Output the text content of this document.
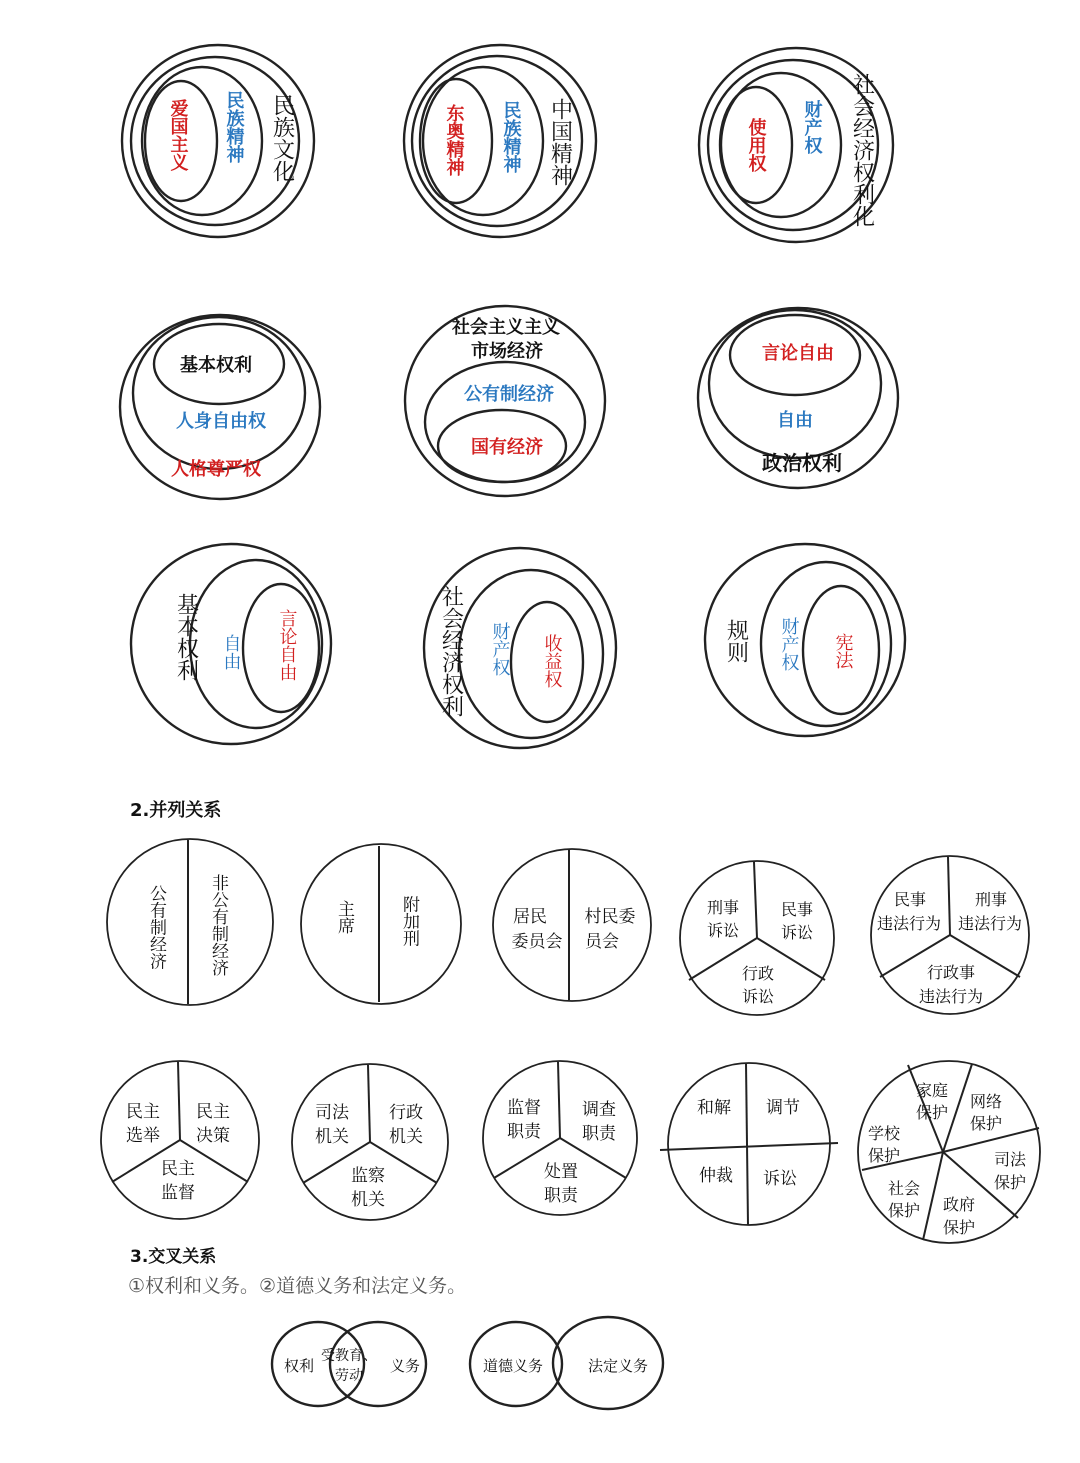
爱国主义 民族精神 民族文化	东奥精神 民族精神 中国精神	使用权 财产权 社会经济权利化
基本权利
人身自由权
人格尊严权
社会主义主义
市场经济
公有制经济
国有经济
言论自由
自由
政治权利
基本权利 自由 言论自由	社会经济权利 财产权 收益权	规则 财产权 宪法
2.并列关系
公有制经济 非公有制经济	主席	附加刑	居民
委员会
村民委
员会
刑事
诉讼
民事
诉讼
行政
诉讼
民事
违法行为
刑事
违法行为
行政事
违法行为
民主
选举
民主
决策
民主
监督
司法
机关
行政
机关
监察
机关
监督
职责
调查
职责
处置
职责
和解 调节
仲裁 诉讼
家庭
保护
网络
保护
司法
保护
政府
保护
社会
保护
学校
保护
3.交叉关系
①权利和义务。②道德义务和法定义务。
权利
受教育、
劳动
义务	道德义务	法定义务
